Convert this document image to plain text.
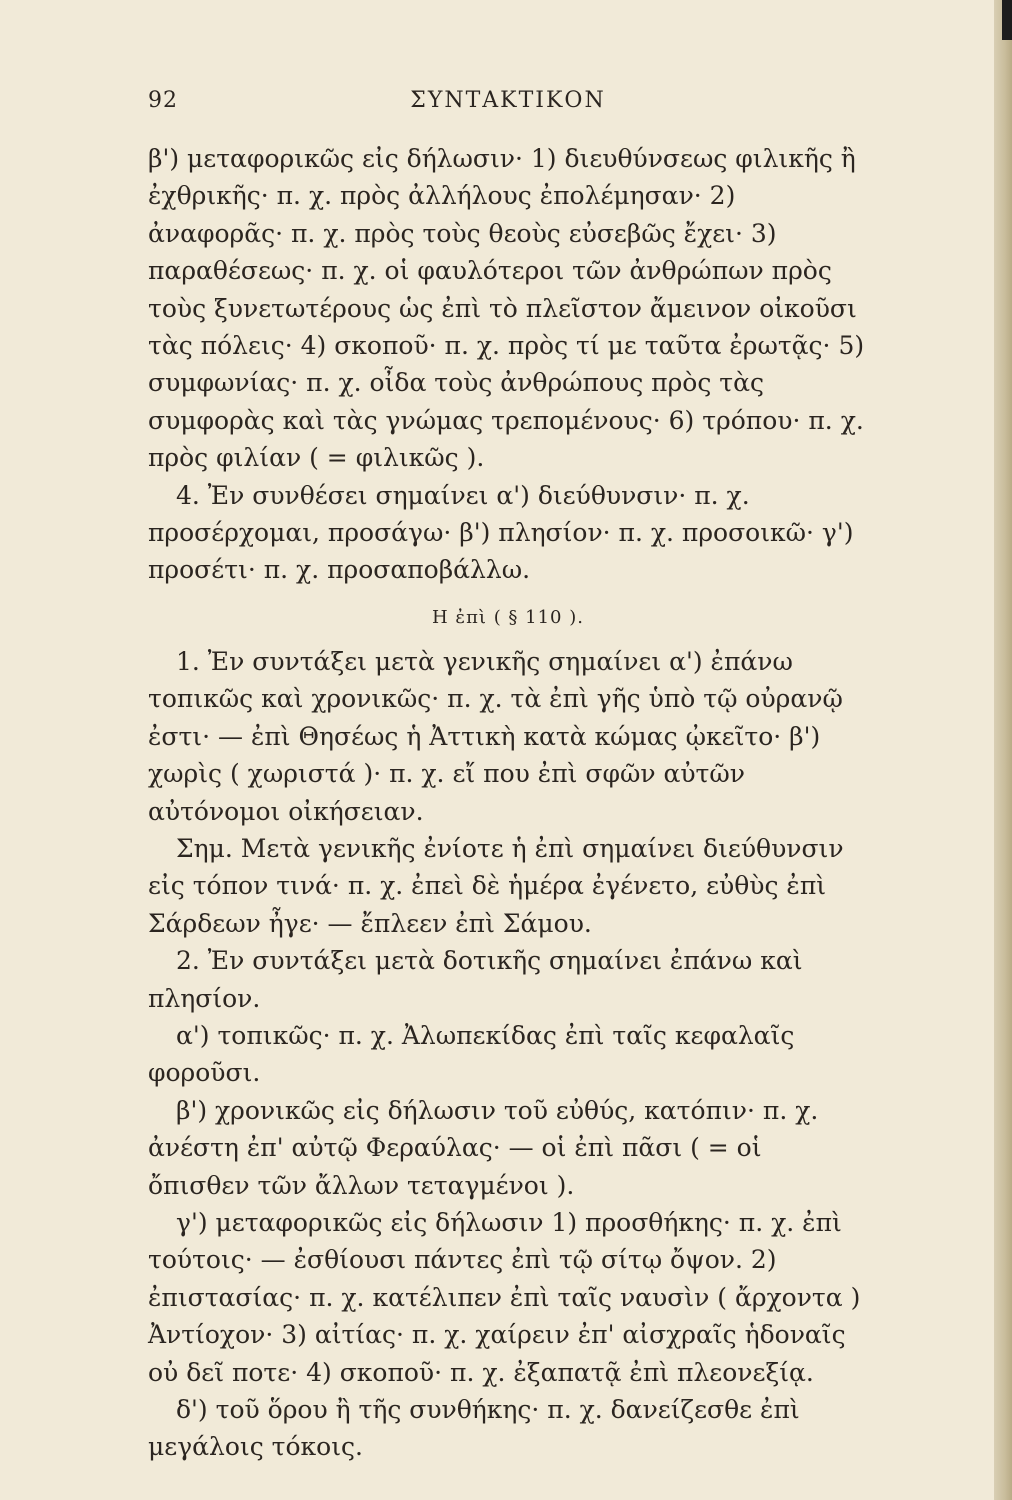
ΣΥΝΤΑΚΤΙΚΟΝ
92

β') μεταφορικῶς εἰς δήλωσιν· 1) διευθύνσεως φιλικῆς ἢ ἐχθρικῆς· π. χ. πρὸς ἀλλήλους ἐπολέμησαν· 2) ἀναφορᾶς· π. χ. πρὸς τοὺς θεοὺς εὐσεβῶς ἔχει· 3) παραθέσεως· π. χ. οἱ φαυλότεροι τῶν ἀνθρώπων πρὸς τοὺς ξυνετωτέρους ὡς ἐπὶ τὸ πλεῖστον ἄμεινον οἰκοῦσι τὰς πόλεις· 4) σκοποῦ· π. χ. πρὸς τί με ταῦτα ἐρωτᾷς· 5) συμφωνίας· π. χ. οἶδα τοὺς ἀνθρώπους πρὸς τὰς συμφορὰς καὶ τὰς γνώμας τρεπομένους· 6) τρόπου· π. χ. πρὸς φιλίαν ( = φιλικῶς ).

4. Ἐν συνθέσει σημαίνει α') διεύθυνσιν· π. χ. προσέρχομαι, προσάγω· β') πλησίον· π. χ. προσοικῶ· γ') προσέτι· π. χ. προσαποβάλλω.

Η ἐπὶ ( § 110 ).

1. Ἐν συντάξει μετὰ γενικῆς σημαίνει α') ἐπάνω τοπικῶς καὶ χρονικῶς· π. χ. τὰ ἐπὶ γῆς ὑπὸ τῷ οὐρανῷ ἐστι· — ἐπὶ Θησέως ἡ Ἀττικὴ κατὰ κώμας ᾠκεῖτο· β') χωρὶς ( χωριστά )· π. χ. εἴ που ἐπὶ σφῶν αὐτῶν αὐτόνομοι οἰκήσειαν.

Σημ. Μετὰ γενικῆς ἐνίοτε ἡ ἐπὶ σημαίνει διεύθυνσιν εἰς τόπον τινά· π. χ. ἐπεὶ δὲ ἡμέρα ἐγένετο, εὐθὺς ἐπὶ Σάρδεων ἦγε· — ἔπλεεν ἐπὶ Σάμου.

2. Ἐν συντάξει μετὰ δοτικῆς σημαίνει ἐπάνω καὶ πλησίον.

α') τοπικῶς· π. χ. Ἀλωπεκίδας ἐπὶ ταῖς κεφαλαῖς φοροῦσι.

β') χρονικῶς εἰς δήλωσιν τοῦ εὐθύς, κατόπιν· π. χ. ἀνέστη ἐπ' αὐτῷ Φεραύλας· — οἱ ἐπὶ πᾶσι ( = οἱ ὄπισθεν τῶν ἄλλων τεταγμένοι ).

γ') μεταφορικῶς εἰς δήλωσιν 1) προσθήκης· π. χ. ἐπὶ τούτοις· — ἐσθίουσι πάντες ἐπὶ τῷ σίτῳ ὄψον. 2) ἐπιστασίας· π. χ. κατέλιπεν ἐπὶ ταῖς ναυσὶν ( ἄρχοντα ) Ἀντίοχον· 3) αἰτίας· π. χ. χαίρειν ἐπ' αἰσχραῖς ἡδοναῖς οὐ δεῖ ποτε· 4) σκοποῦ· π. χ. ἐξαπατᾷ ἐπὶ πλεονεξίᾳ.

δ') τοῦ ὅρου ἢ τῆς συνθήκης· π. χ. δανείζεσθε ἐπὶ μεγάλοις τόκοις.
